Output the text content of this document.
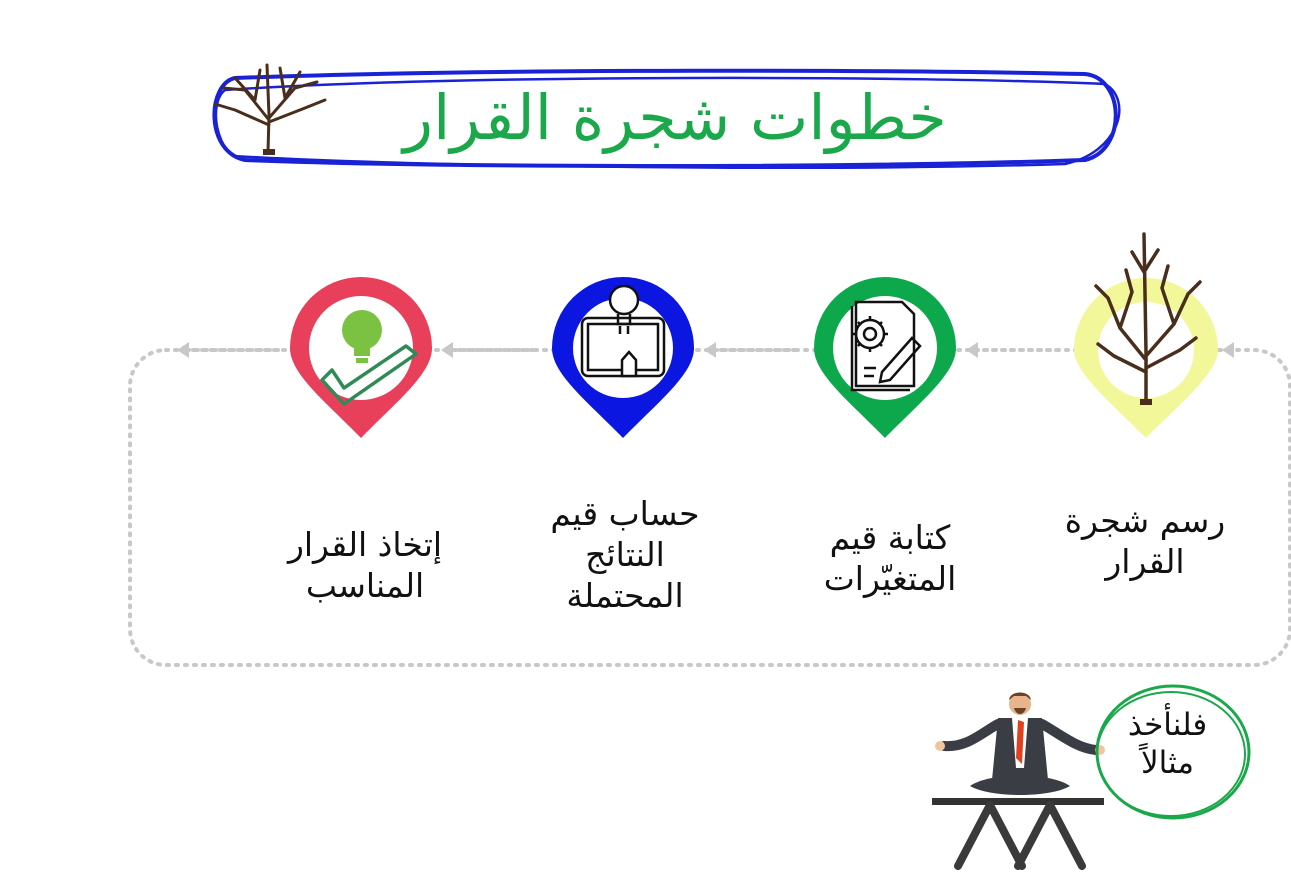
خطوات شجرة القرار
رسم شجرة
القرار
كتابة قيم
المتغيّرات
حساب قيم
النتائج
المحتملة
إتخاذ القرار
المناسب
فلنأخذ
مثالاً
